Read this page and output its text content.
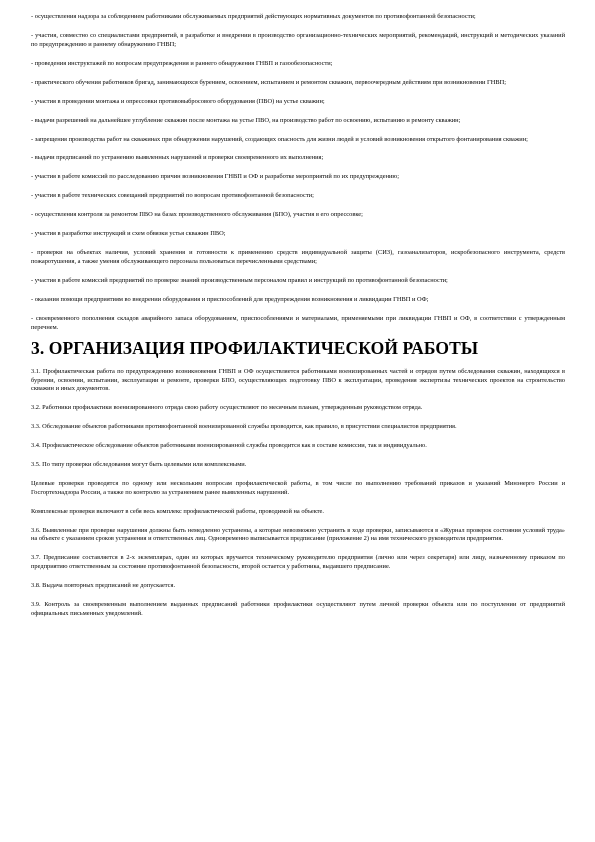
- осуществления надзора за соблюдением работниками обслуживаемых предприятий действующих нормативных документов по противофонтанной безопасности;

- участия, совместно со специалистами предприятий, в разработке и внедрении в производство организационно-технических мероприятий, рекомендаций, инструкций и методических указаний по предупреждению и раннему обнаружению ГНВП;

- проведения инструктажей по вопросам предупреждения и раннего обнаружения ГНВП и газообезопасности;

- практического обучения работников бригад, занимающихся бурением, освоением, испытанием и ремонтом скважин, первоочередным действиям при возникновении ГНВП;

- участия в проведении монтажа и опрессовки противовыбросового оборудования (ПВО) на устье скважин;

- выдачи разрешений на дальнейшее углубление скважин после монтажа на устье ПВО, на производство работ по освоению, испытанию и ремонту скважин;

- запрещения производства работ на скважинах при обнаружении нарушений, создающих опасность для жизни людей и условий возникновения открытого фонтанирования скважин;

- выдачи предписаний по устранению выявленных нарушений и проверки своевременного их выполнения;

- участия в работе комиссий по расследованию причин возникновения ГНВП и ОФ и разработке мероприятий по их предупреждению;

- участия в работе технических совещаний предприятий по вопросам противофонтанной безопасности;

- осуществления контроля за ремонтом ПВО на базах производственного обслуживания (БПО), участия в его опрессовке;

- участия в разработке инструкций и схем обвязки устья скважин ПВО;

- проверки на объектах наличия, условий хранения и готовности к применению средств индивидуальной защиты (СИЗ), газоанализаторов, искробезопасного инструмента, средств пожаротушения, а также умения обслуживающего персонала пользоваться перечисленными средствами;

- участия в работе комиссий предприятий по проверке знаний производственным персоналом правил и инструкций по противофонтанной безопасности;

- оказания помощи предприятиям во внедрении оборудования и приспособлений для предупреждения возникновения и ликвидации ГНВП и ОФ;

- своевременного пополнения складов аварийного запаса оборудованием, приспособлениями и материалами, применяемыми при ликвидации ГНВП и ОФ, в соответствии с утвержденным перечнем.

3. ОРГАНИЗАЦИЯ ПРОФИЛАКТИЧЕСКОЙ РАБОТЫ

3.1. Профилактическая работа по предупреждению возникновения ГНВП и ОФ осуществляется работниками военизированных частей и отрядов путем обследования скважин, находящихся в бурении, освоении, испытании, эксплуатации и ремонте, проверки БПО, осуществляющих подготовку ПВО к эксплуатации, проведения экспертизы технических проектов на строительство скважин и иных документов.

3.2. Работники профилактики военизированного отряда свою работу осуществляют по месячным планам, утвержденным руководством отряда.

3.3. Обследование объектов работниками противофонтанной военизированной службы проводится, как правило, в присутствии специалистов предприятия.

3.4. Профилактическое обследование объектов работниками военизированной службы проводится как в составе комиссии, так и индивидуально.

3.5. По типу проверки обследования могут быть целевыми или комплексными.

Целевые проверки проводятся по одному или нескольким вопросам профилактической работы, в том числе по выполнению требований приказов и указаний Минэнерго России и Госгортехнадзора России, а также по контролю за устранением ранее выявленных нарушений.

Комплексные проверки включают в себя весь комплекс профилактической работы, проводимой на объекте.

3.6. Выявленные при проверке нарушения должны быть немедленно устранены, а которые невозможно устранить в ходе проверки, записываются в «Журнал проверок состояния условий труда» на объекте с указанием сроков устранения и ответственных лиц. Одновременно выписывается предписание (приложение 2) на имя технического руководителя предприятия.

3.7. Предписание составляется в 2-х экземплярах, один из которых вручается техническому руководителю предприятия (лично или через секретаря) или лицу, назначенному приказом по предприятию ответственным за состояние противофонтанной безопасности, второй остается у работника, выдавшего предписание.

3.8. Выдача повторных предписаний не допускается.

3.9. Контроль за своевременным выполнением выданных предписаний работники профилактики осуществляют путем личной проверки объекта или по поступлении от предприятий официальных письменных уведомлений.
